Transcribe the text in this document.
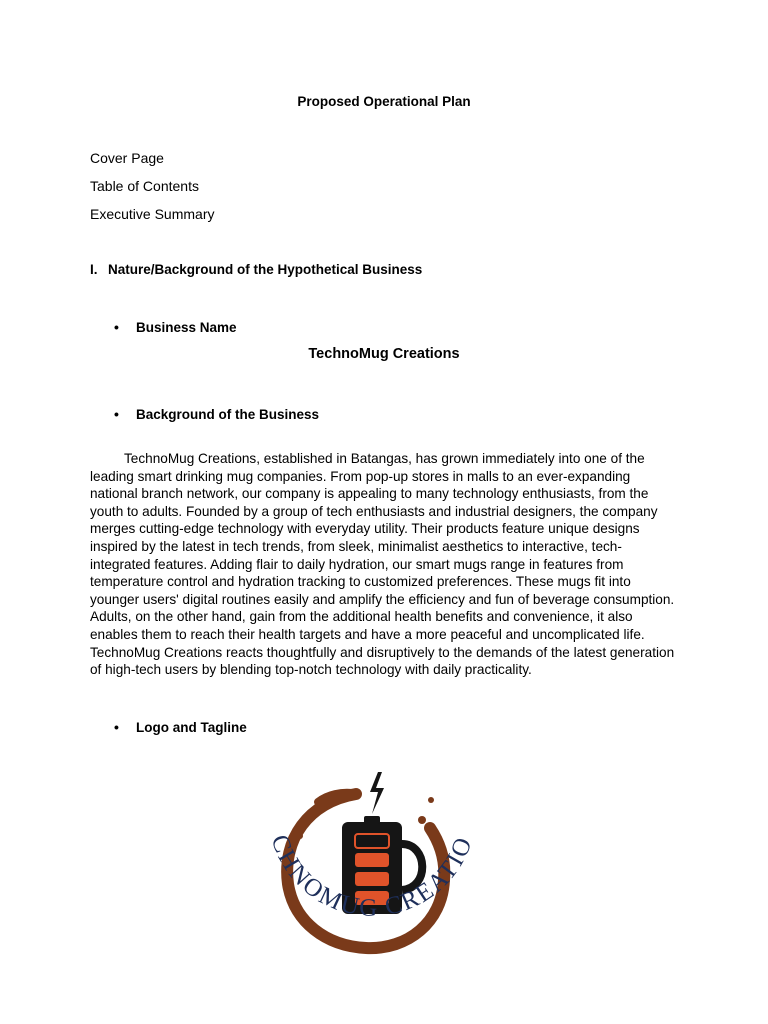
Proposed Operational Plan
Cover Page
Table of Contents
Executive Summary
I. Nature/Background of the Hypothetical Business
• Business Name
TechnoMug Creations
• Background of the Business
TechnoMug Creations, established in Batangas, has grown immediately into one of the leading smart drinking mug companies. From pop-up stores in malls to an ever-expanding national branch network, our company is appealing to many technology enthusiasts, from the youth to adults. Founded by a group of tech enthusiasts and industrial designers, the company merges cutting-edge technology with everyday utility. Their products feature unique designs inspired by the latest in tech trends, from sleek, minimalist aesthetics to interactive, tech-integrated features. Adding flair to daily hydration, our smart mugs range in features from temperature control and hydration tracking to customized preferences. These mugs fit into younger users' digital routines easily and amplify the efficiency and fun of beverage consumption. Adults, on the other hand, gain from the additional health benefits and convenience, it also enables them to reach their health targets and have a more peaceful and uncomplicated life. TechnoMug Creations reacts thoughtfully and disruptively to the demands of the latest generation of high-tech users by blending top-notch technology with daily practicality.
• Logo and Tagline
CHNOMUG CREATIO
